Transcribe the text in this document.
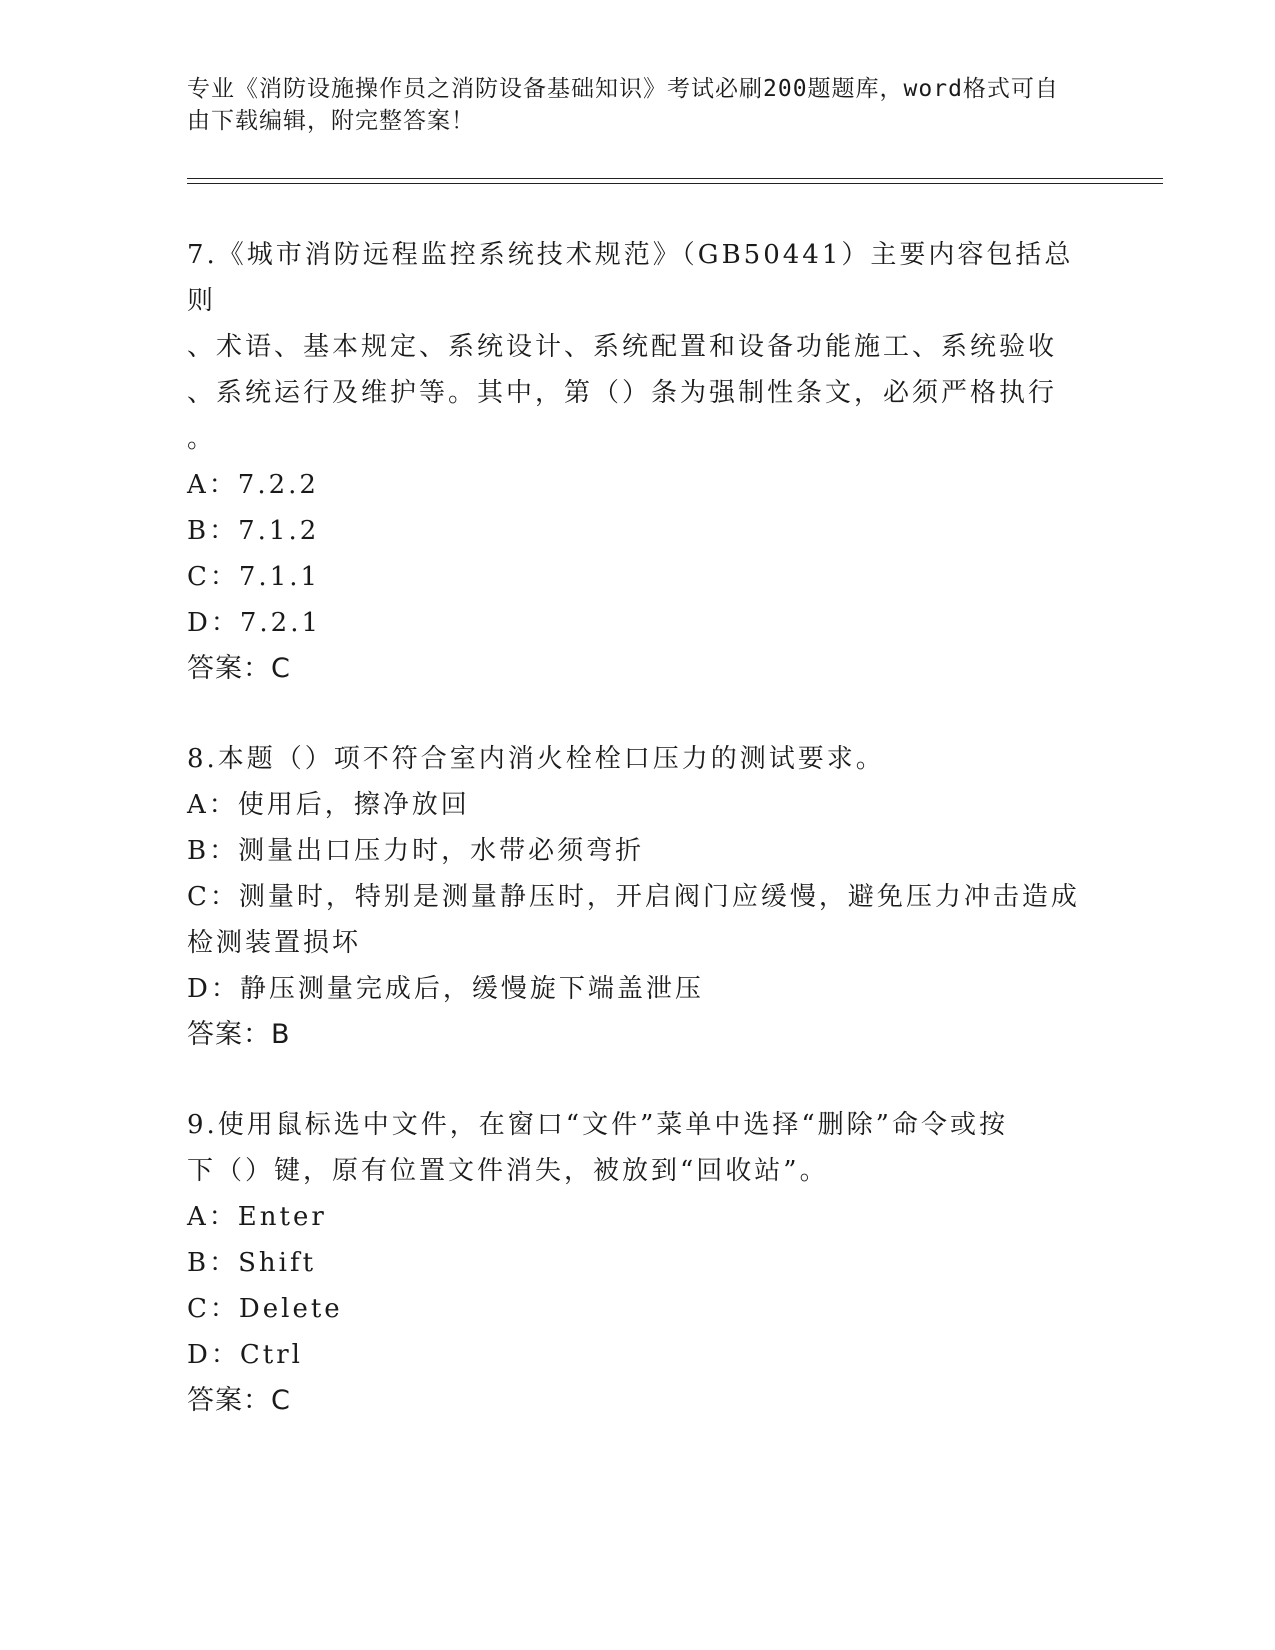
专业《消防设施操作员之消防设备基础知识》考试必刷200题题库，word格式可自由下载编辑，附完整答案！

7.《城市消防远程监控系统技术规范》（GB50441）主要内容包括总则

、术语、基本规定、系统设计、系统配置和设备功能施工、系统验收

、系统运行及维护等。其中，第（）条为强制性条文，必须严格执行

。

A：7.2.2

B：7.1.2

C：7.1.1

D：7.2.1

答案：C

8.本题（）项不符合室内消火栓栓口压力的测试要求。

A：使用后，擦净放回

B：测量出口压力时，水带必须弯折

C：测量时，特别是测量静压时，开启阀门应缓慢，避免压力冲击造成

检测装置损坏

D：静压测量完成后，缓慢旋下端盖泄压

答案：B

9.使用鼠标选中文件，在窗口“文件”菜单中选择“删除”命令或按

下（）键，原有位置文件消失，被放到“回收站”。

A：Enter

B：Shift

C：Delete

D：Ctrl

答案：C
